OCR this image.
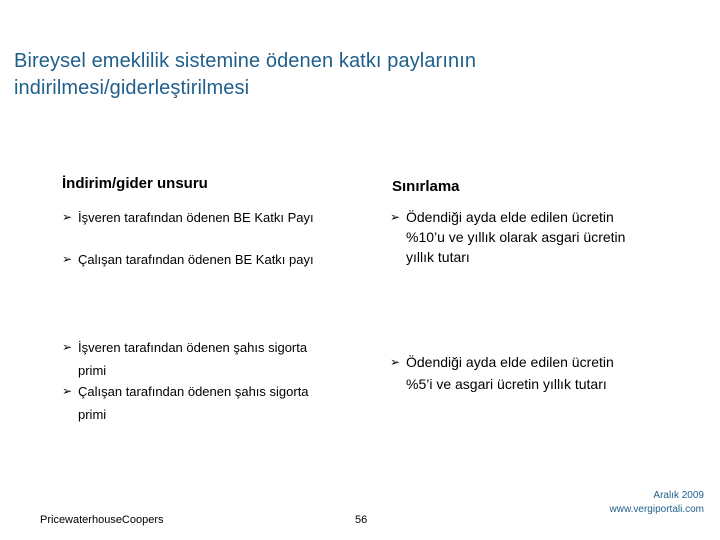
Bireysel emeklilik sistemine ödenen katkı paylarının
indirilmesi/giderleştirilmesi
İndirim/gider unsuru	Sınırlama
➢ İşveren tarafından ödenen BE Katkı Payı
➢ Çalışan tarafından ödenen BE Katkı payı
➢ İşveren tarafından ödenen şahıs sigorta
primi
➢ Çalışan tarafından ödenen şahıs sigorta
primi
➢ Ödendiği ayda elde edilen ücretin
%10’u ve yıllık olarak asgari ücretin
yıllık tutarı
➢ Ödendiği ayda elde edilen ücretin
%5’i ve asgari ücretin yıllık tutarı
PricewaterhouseCoopers	56
Aralık 2009
www.vergiportali.com
